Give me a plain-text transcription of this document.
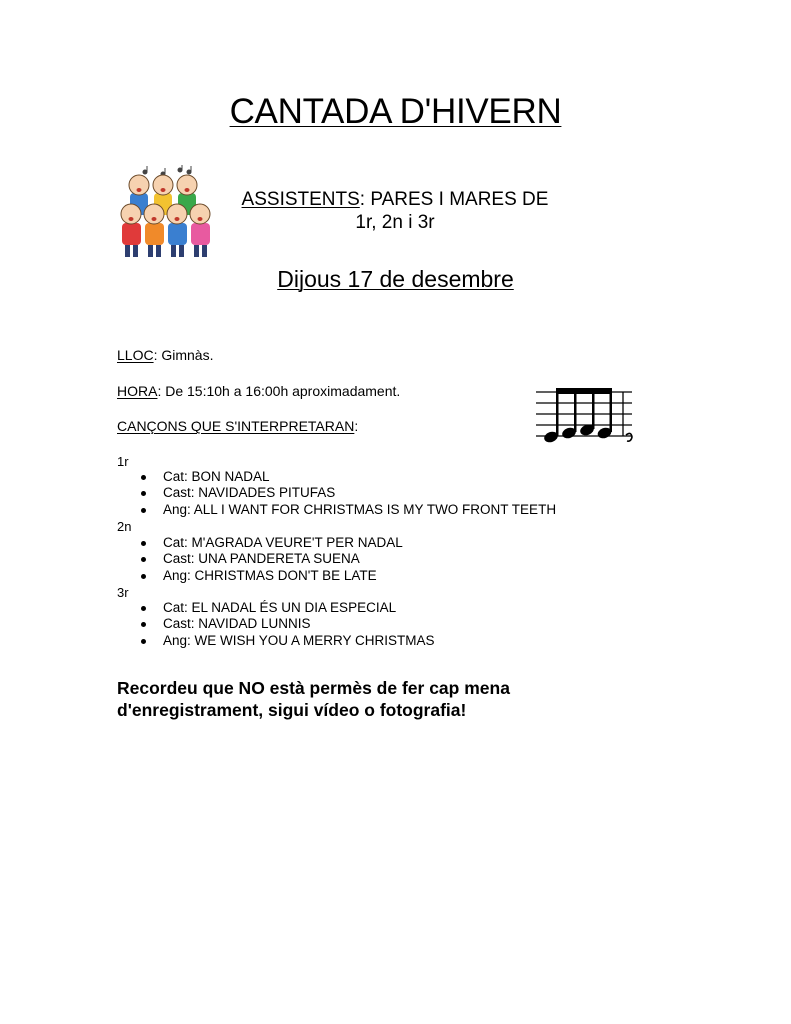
CANTADA D'HIVERN
ASSISTENTS: PARES I MARES DE
1r, 2n i 3r
Dijous 17 de desembre
LLOC: Gimnàs.
HORA: De 15:10h a 16:00h aproximadament.
CANÇONS QUE S'INTERPRETARAN:
1r
Cat: BON NADAL
Cast: NAVIDADES PITUFAS
Ang: ALL I WANT FOR CHRISTMAS IS MY TWO FRONT TEETH
2n
Cat: M'AGRADA VEURE'T PER NADAL
Cast: UNA PANDERETA SUENA
Ang: CHRISTMAS DON'T BE LATE
3r
Cat: EL NADAL ÉS UN DIA ESPECIAL
Cast: NAVIDAD LUNNIS
Ang: WE WISH YOU A MERRY CHRISTMAS
Recordeu que NO està permès de fer cap mena
d'enregistrament, sigui vídeo o fotografia!
